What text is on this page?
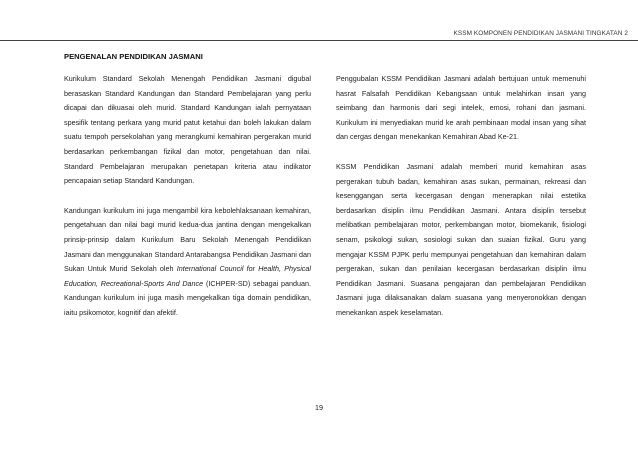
KSSM KOMPONEN PENDIDIKAN JASMANI TINGKATAN 2
PENGENALAN PENDIDIKAN JASMANI

Kurikulum Standard Sekolah Menengah Pendidikan Jasmani digubal berasaskan Standard Kandungan dan Standard Pembelajaran yang perlu dicapai dan dikuasai oleh murid. Standard Kandungan ialah pernyataan spesifik tentang perkara yang murid patut ketahui dan boleh lakukan dalam suatu tempoh persekolahan yang merangkumi kemahiran pergerakan murid berdasarkan perkembangan fizikal dan motor, pengetahuan dan nilai. Standard Pembelajaran merupakan penetapan kriteria atau indikator pencapaian setiap Standard Kandungan.

Kandungan kurikulum ini juga mengambil kira kebolehlaksanaan kemahiran, pengetahuan dan nilai bagi murid kedua-dua jantina dengan mengekalkan prinsip-prinsip dalam Kurikulum Baru Sekolah Menengah Pendidikan Jasmani dan menggunakan Standard Antarabangsa Pendidikan Jasmani dan Sukan Untuk Murid Sekolah oleh International Council for Health, Physical Education, Recreational-Sports And Dance (ICHPER-SD) sebagai panduan. Kandungan kurikulum ini juga masih mengekalkan tiga domain pendidikan, iaitu psikomotor, kognitif dan afektif.

Penggubalan KSSM Pendidikan Jasmani adalah bertujuan untuk memenuhi hasrat Falsafah Pendidikan Kebangsaan untuk melahirkan insan yang seimbang dan harmonis dari segi intelek, emosi, rohani dan jasmani. Kurikulum ini menyediakan murid ke arah pembinaan modal insan yang sihat dan cergas dengan menekankan Kemahiran Abad Ke-21.

KSSM Pendidikan Jasmani adalah memberi murid kemahiran asas pergerakan tubuh badan, kemahiran asas sukan, permainan, rekreasi dan kesenggangan serta kecergasan dengan menerapkan nilai estetika berdasarkan disiplin ilmu Pendidikan Jasmani. Antara disiplin tersebut melibatkan pembelajaran motor, perkembangan motor, biomekanik, fisiologi senam, psikologi sukan, sosiologi sukan dan suaian fizikal. Guru yang mengajar KSSM PJPK perlu mempunyai pengetahuan dan kemahiran dalam pergerakan, sukan dan penilaian kecergasan berdasarkan disiplin ilmu Pendidikan Jasmani. Suasana pengajaran dan pembelajaran Pendidikan Jasmani juga dilaksanakan dalam suasana yang menyeronokkan dengan menekankan aspek keselamatan.

19
